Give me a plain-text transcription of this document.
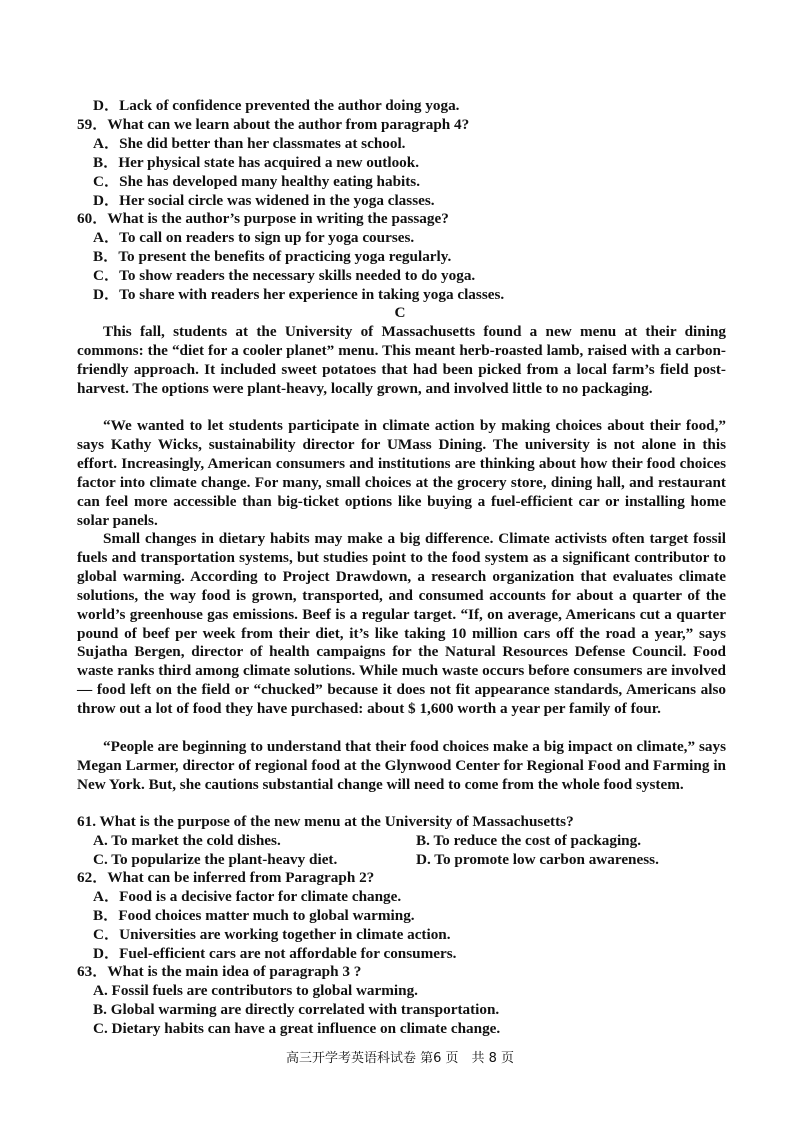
D．Lack of confidence prevented the author doing yoga.
59．What can we learn about the author from paragraph 4?
A．She did better than her classmates at school.
B．Her physical state has acquired a new outlook.
C．She has developed many healthy eating habits.
D．Her social circle was widened in the yoga classes.
60．What is the author’s purpose in writing the passage?
A．To call on readers to sign up for yoga courses.
B．To present the benefits of practicing yoga regularly.
C．To show readers the necessary skills needed to do yoga.
D．To share with readers her experience in taking yoga classes.
C

This fall, students at the University of Massachusetts found a new menu at their dining commons: the “diet for a cooler planet” menu. This meant herb-roasted lamb, raised with a carbon-friendly approach. It included sweet potatoes that had been picked from a local farm’s field post-harvest. The options were plant-heavy, locally grown, and involved little to no packaging.

“We wanted to let students participate in climate action by making choices about their food,” says Kathy Wicks, sustainability director for UMass Dining. The university is not alone in this effort. Increasingly, American consumers and institutions are thinking about how their food choices factor into climate change. For many, small choices at the grocery store, dining hall, and restaurant can feel more accessible than big-ticket options like buying a fuel-efficient car or installing home solar panels.

Small changes in dietary habits may make a big difference. Climate activists often target fossil fuels and transportation systems, but studies point to the food system as a significant contributor to global warming. According to Project Drawdown, a research organization that evaluates climate solutions, the way food is grown, transported, and consumed accounts for about a quarter of the world’s greenhouse gas emissions. Beef is a regular target. “If, on average, Americans cut a quarter pound of beef per week from their diet, it’s like taking 10 million cars off the road a year,” says Sujatha Bergen, director of health campaigns for the Natural Resources Defense Council. Food waste ranks third among climate solutions. While much waste occurs before consumers are involved — food left on the field or “chucked” because it does not fit appearance standards, Americans also throw out a lot of food they have purchased: about $ 1,600 worth a year per family of four.

“People are beginning to understand that their food choices make a big impact on climate,” says Megan Larmer, director of regional food at the Glynwood Center for Regional Food and Farming in New York. But, she cautions substantial change will need to come from the whole food system.

61. What is the purpose of the new menu at the University of Massachusetts?
A. To market the cold dishes.	B. To reduce the cost of packaging.
C. To popularize the plant-heavy diet.	D. To promote low carbon awareness.
62．What can be inferred from Paragraph 2?
A．Food is a decisive factor for climate change.
B．Food choices matter much to global warming.
C．Universities are working together in climate action.
D．Fuel-efficient cars are not affordable for consumers.
63．What is the main idea of paragraph 3 ?
A. Fossil fuels are contributors to global warming.
B. Global warming are directly correlated with transportation.
C. Dietary habits can have a great influence on climate change.
高三开学考英语科试卷 第6 页　共 8 页
